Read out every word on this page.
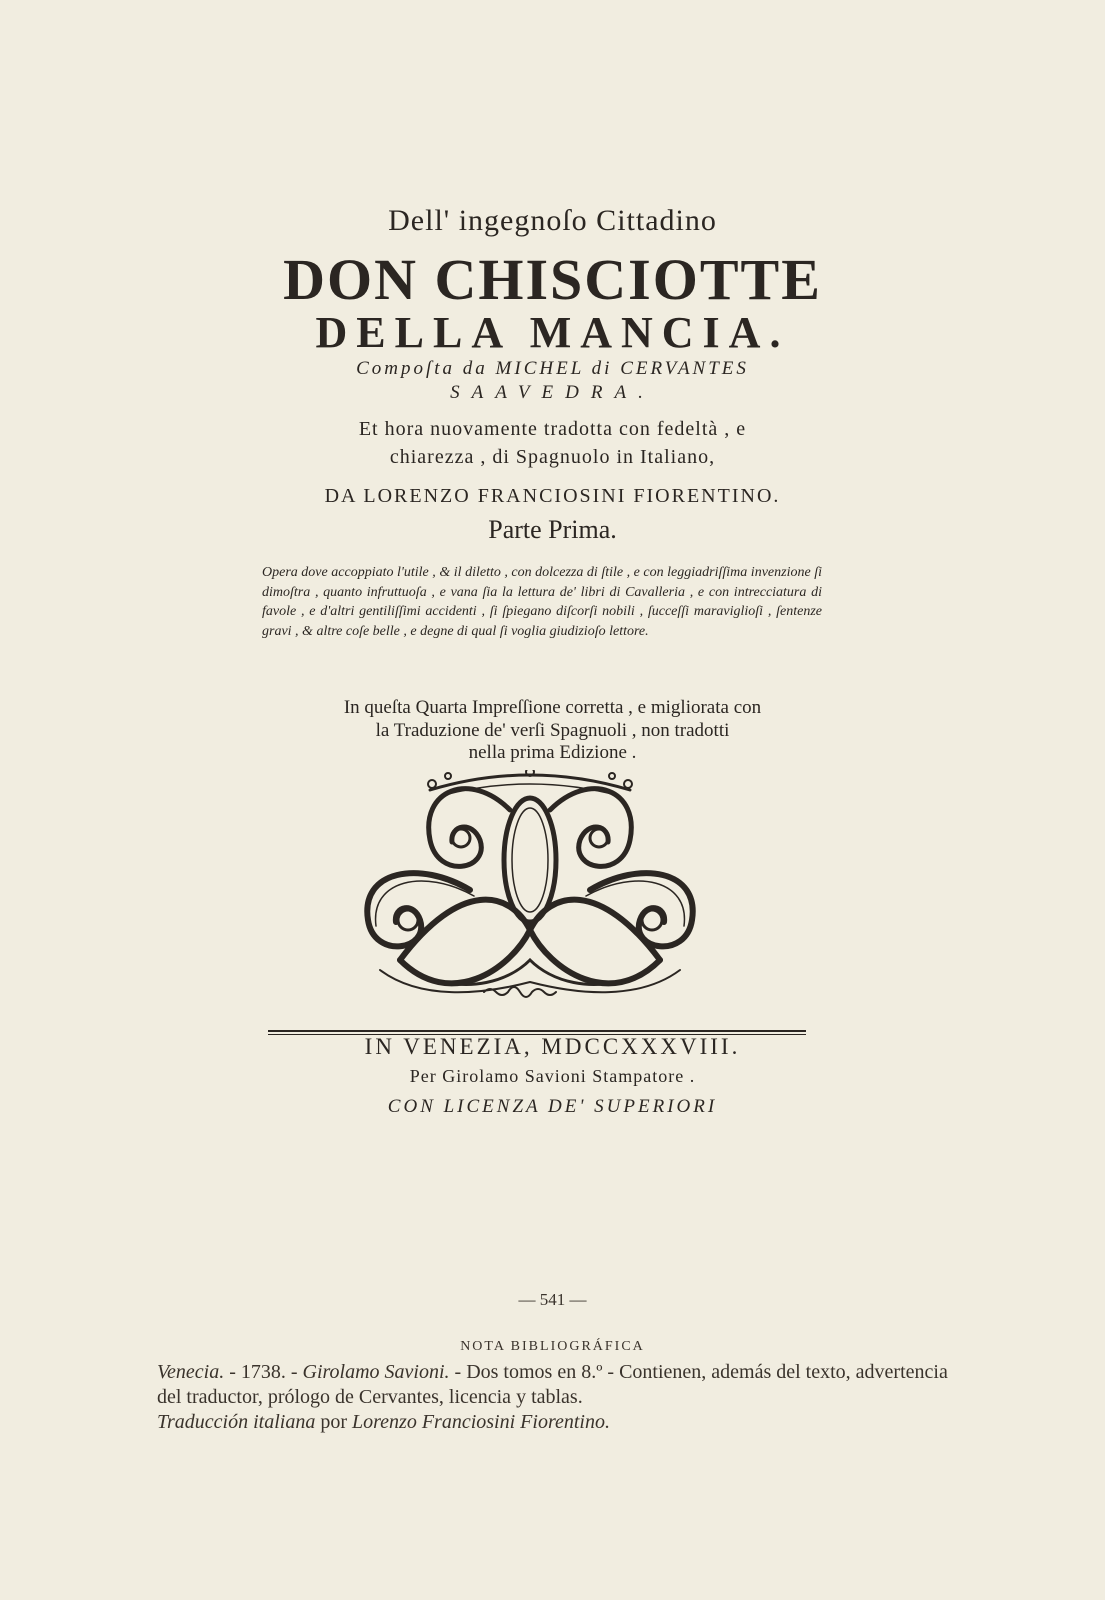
Dell' ingegnoſo Cittadino
DON CHISCIOTTE
DELLA MANCIA.
Compoſta da MICHEL di CERVANTES
SAAVEDRA.
Et hora nuovamente tradotta con fedeltà , e
chiarezza , di Spagnuolo in Italiano,
DA LORENZO FRANCIOSINI FIORENTINO.
Parte Prima.
Opera dove accoppiato l'utile , & il diletto , con dolcezza di ſtile , e con leggiadriſſima invenzione ſi dimoſtra , quanto infruttuoſa , e vana ſia la lettura de' libri di Cavalleria , e con intrecciatura di favole , e d'altri gentiliſſimi accidenti , ſi ſpiegano diſcorſi nobili , ſucceſſi maravіglioſi , ſentenze gravi , & altre coſe belle , e degne di qual ſi voglia giudizioſo lettore.
In queſta Quarta Impreſſione corretta , e migliorata con
la Traduzione de' verſi Spagnuoli , non tradotti
nella prima Edizione .
IN VENEZIA, MDCCXXXVIII.
Per Girolamo Savioni Stampatore .
CON LICENZA DE' SUPERIORI
— 541 —
NOTA BIBLIOGRÁFICA
Venecia. - 1738. - Girolamo Savioni. - Dos tomos en 8.º - Contienen, además del texto, advertencia del traductor, prólogo de Cervantes, licencia y tablas.
Traducción italiana por Lorenzo Franciosini Fiorentino.
